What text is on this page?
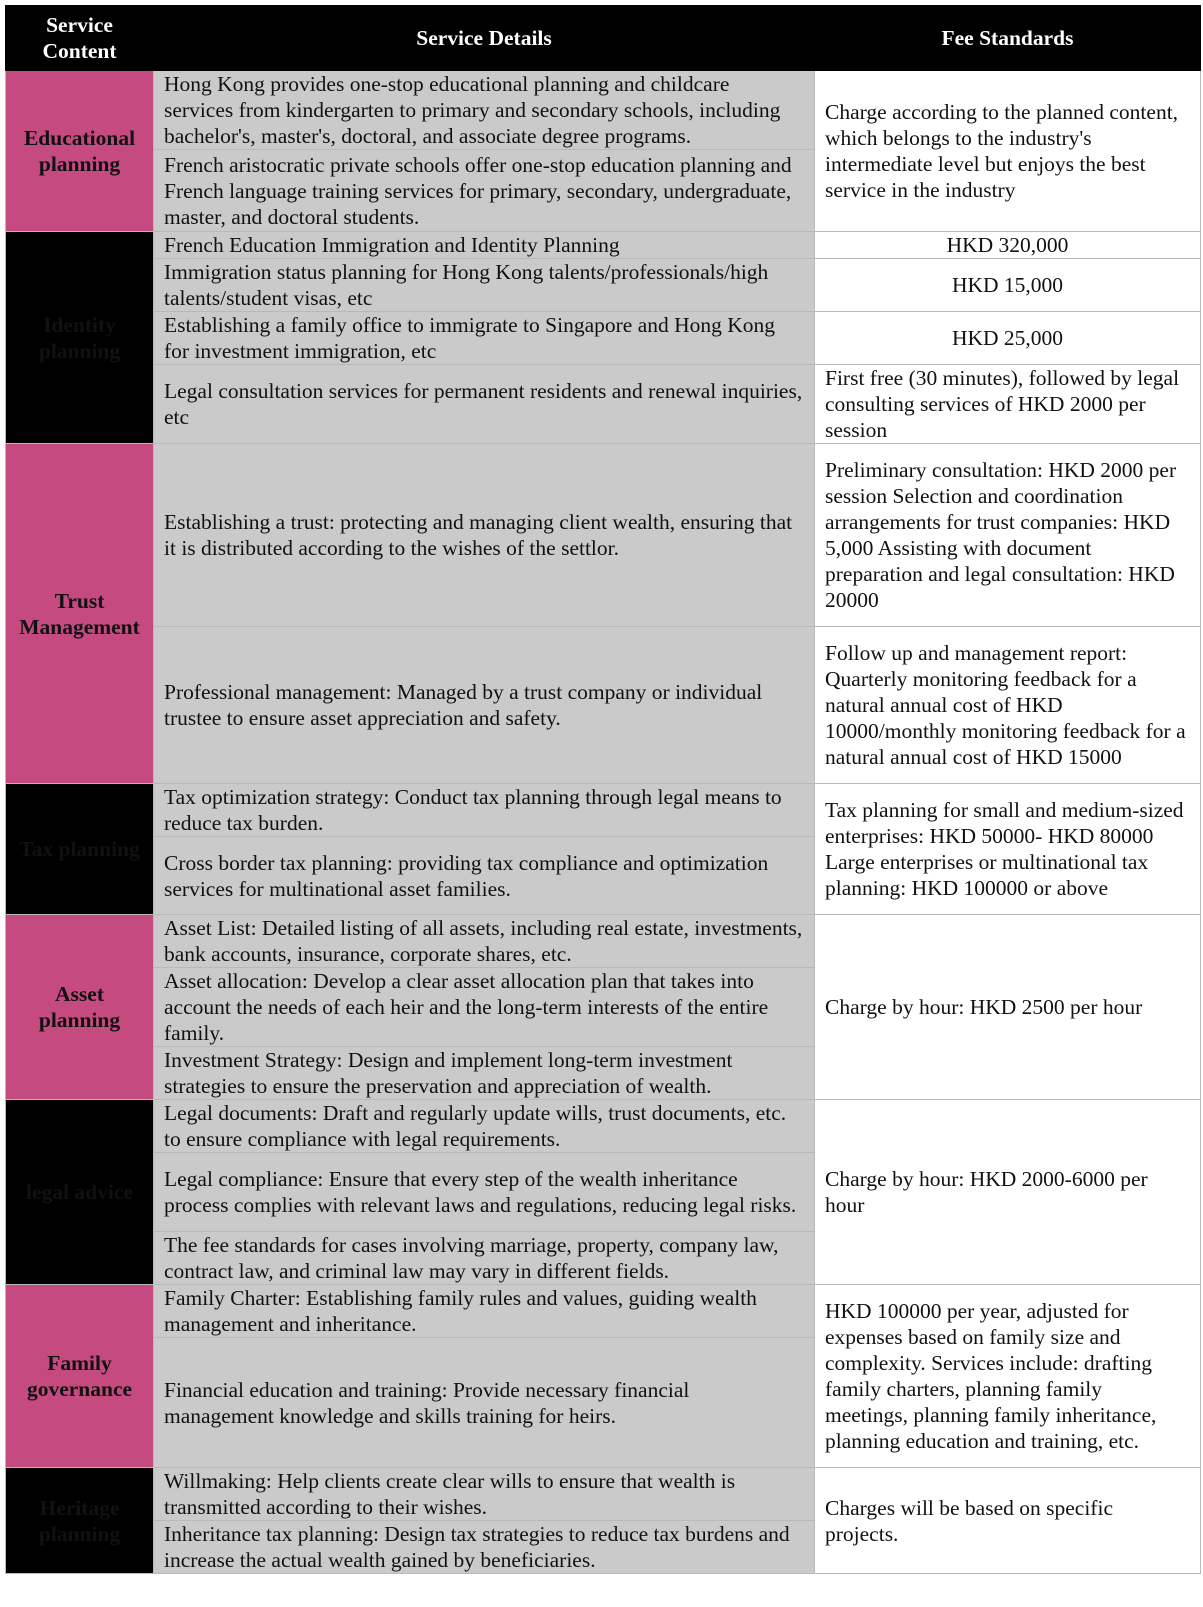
Service Content	Service Details	Fee Standards
Educational planning	Hong Kong provides one-stop educational planning and childcare services from kindergarten to primary and secondary schools, including bachelor's, master's, doctoral, and associate degree programs.	Charge according to the planned content, which belongs to the industry's intermediate level but enjoys the best service in the industry
	French aristocratic private schools offer one-stop education planning and French language training services for primary, secondary, undergraduate, master, and doctoral students.	
Identity planning	French Education Immigration and Identity Planning	HKD 320,000
	Immigration status planning for Hong Kong talents/professionals/high talents/student visas, etc	HKD 15,000
	Establishing a family office to immigrate to Singapore and Hong Kong for investment immigration, etc	HKD 25,000
	Legal consultation services for permanent residents and renewal inquiries, etc	First free (30 minutes), followed by legal consulting services of HKD 2000 per session
Trust Management	Establishing a trust: protecting and managing client wealth, ensuring that it is distributed according to the wishes of the settlor.	Preliminary consultation: HKD 2000 per session Selection and coordination arrangements for trust companies: HKD 5,000 Assisting with document preparation and legal consultation: HKD 20000
	Professional management: Managed by a trust company or individual trustee to ensure asset appreciation and safety.	Follow up and management report: Quarterly monitoring feedback for a natural annual cost of HKD 10000/monthly monitoring feedback for a natural annual cost of HKD 15000
Tax planning	Tax optimization strategy: Conduct tax planning through legal means to reduce tax burden.	Tax planning for small and medium-sized enterprises: HKD 50000- HKD 80000 Large enterprises or multinational tax planning: HKD 100000 or above
	Cross border tax planning: providing tax compliance and optimization services for multinational asset families.	
Asset planning	Asset List: Detailed listing of all assets, including real estate, investments, bank accounts, insurance, corporate shares, etc.	Charge by hour: HKD 2500 per hour
	Asset allocation: Develop a clear asset allocation plan that takes into account the needs of each heir and the long-term interests of the entire family.	
	Investment Strategy: Design and implement long-term investment strategies to ensure the preservation and appreciation of wealth.	
legal advice	Legal documents: Draft and regularly update wills, trust documents, etc. to ensure compliance with legal requirements.	Charge by hour: HKD 2000-6000 per hour
	Legal compliance: Ensure that every step of the wealth inheritance process complies with relevant laws and regulations, reducing legal risks.	
	The fee standards for cases involving marriage, property, company law, contract law, and criminal law may vary in different fields.	
Family governance	Family Charter: Establishing family rules and values, guiding wealth management and inheritance.	HKD 100000 per year, adjusted for expenses based on family size and complexity. Services include: drafting family charters, planning family meetings, planning family inheritance, planning education and training, etc.
	Financial education and training: Provide necessary financial management knowledge and skills training for heirs.	
Heritage planning	Willmaking: Help clients create clear wills to ensure that wealth is transmitted according to their wishes.	Charges will be based on specific projects.
	Inheritance tax planning: Design tax strategies to reduce tax burdens and increase the actual wealth gained by beneficiaries.	
